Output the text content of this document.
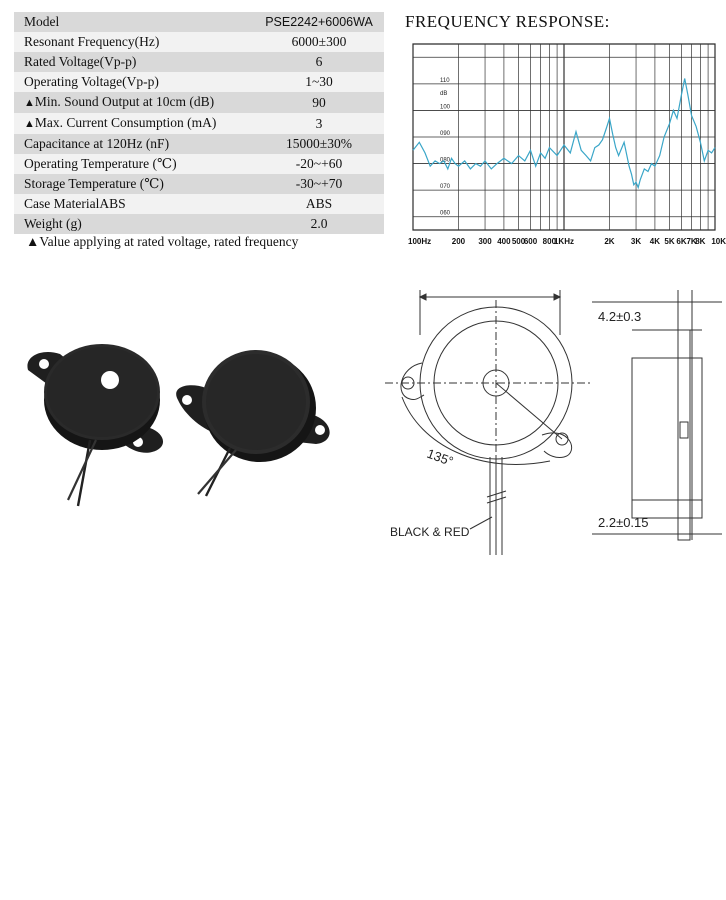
Model	PSE2242+6006WA
Resonant Frequency(Hz)	6000±300
Rated Voltage(Vp-p)	6
Operating Voltage(Vp-p)	1~30
▲Min. Sound Output at 10cm (dB)	90
▲Max. Current Consumption (mA)	3
Capacitance at 120Hz (nF)	15000±30%
Operating Temperature (℃)	-20~+60
Storage Temperature (℃)	-30~+70
Case MaterialABS	ABS
Weight (g)	2.0
▲Value applying at rated voltage, rated frequency
FREQUENCY RESPONSE:
110
dB
100
090
080
070
060
100Hz	200 300 400 500
600 800
1KHz	2K 3K 4K 5K 6K 7K
8K 10K
135°
BLACK & RED
4.2±0.3
2.2±0.15
